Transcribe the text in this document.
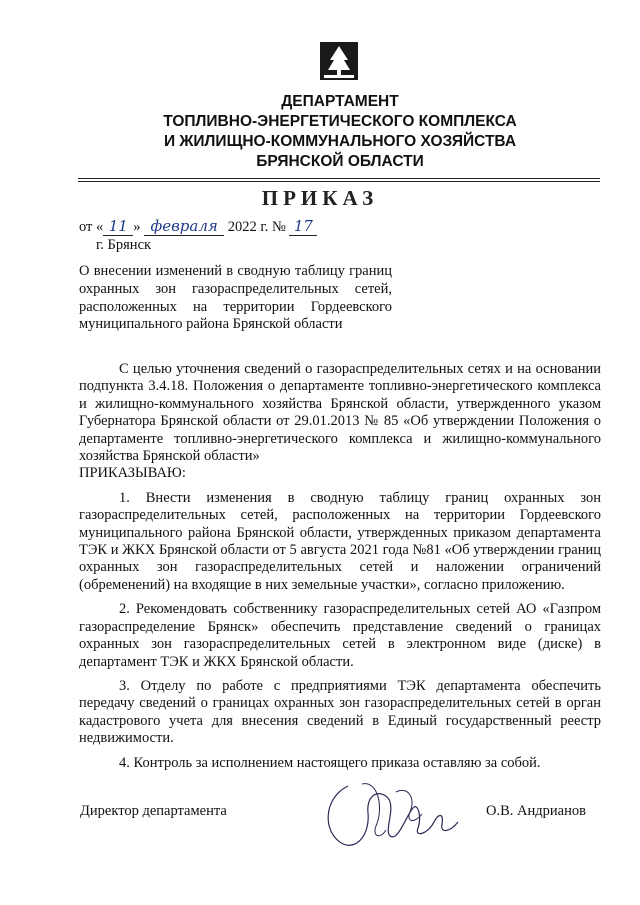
ДЕПАРТАМЕНТ
ТОПЛИВНО-ЭНЕРГЕТИЧЕСКОГО КОМПЛЕКСА
И ЖИЛИЩНО-КОММУНАЛЬНОГО ХОЗЯЙСТВА
БРЯНСКОЙ ОБЛАСТИ
ПРИКАЗ
от « 11 » февраля 2022 г. № 17
г. Брянск
О внесении изменений в сводную таблицу границ охранных зон газораспределительных сетей, расположенных на территории Гордеевского муниципального района Брянской области

С целью уточнения сведений о газораспределительных сетях и на основании подпункта 3.4.18. Положения о департаменте топливно-энергетического комплекса и жилищно-коммунального хозяйства Брянской области, утвержденного указом Губернатора Брянской области от 29.01.2013 № 85 «Об утверждении Положения о департаменте топливно-энергетического комплекса и жилищно-коммунального хозяйства Брянской области»

ПРИКАЗЫВАЮ:

1. Внести изменения в сводную таблицу границ охранных зон газораспределительных сетей, расположенных на территории Гордеевского муниципального района Брянской области, утвержденных приказом департамента ТЭК и ЖКХ Брянской области от 5 августа 2021 года №81 «Об утверждении границ охранных зон газораспределительных сетей и наложении ограничений (обременений) на входящие в них земельные участки», согласно приложению.

2. Рекомендовать собственнику газораспределительных сетей АО «Газпром газораспределение Брянск» обеспечить представление сведений о границах охранных зон газораспределительных сетей в электронном виде (диске) в департамент ТЭК и ЖКХ Брянской области.

3. Отделу по работе с предприятиями ТЭК департамента обеспечить передачу сведений о границах охранных зон газораспределительных сетей в орган кадастрового учета для внесения сведений в Единый государственный реестр недвижимости.

4. Контроль за исполнением настоящего приказа оставляю за собой.

Директор департамента	О.В. Андрианов
